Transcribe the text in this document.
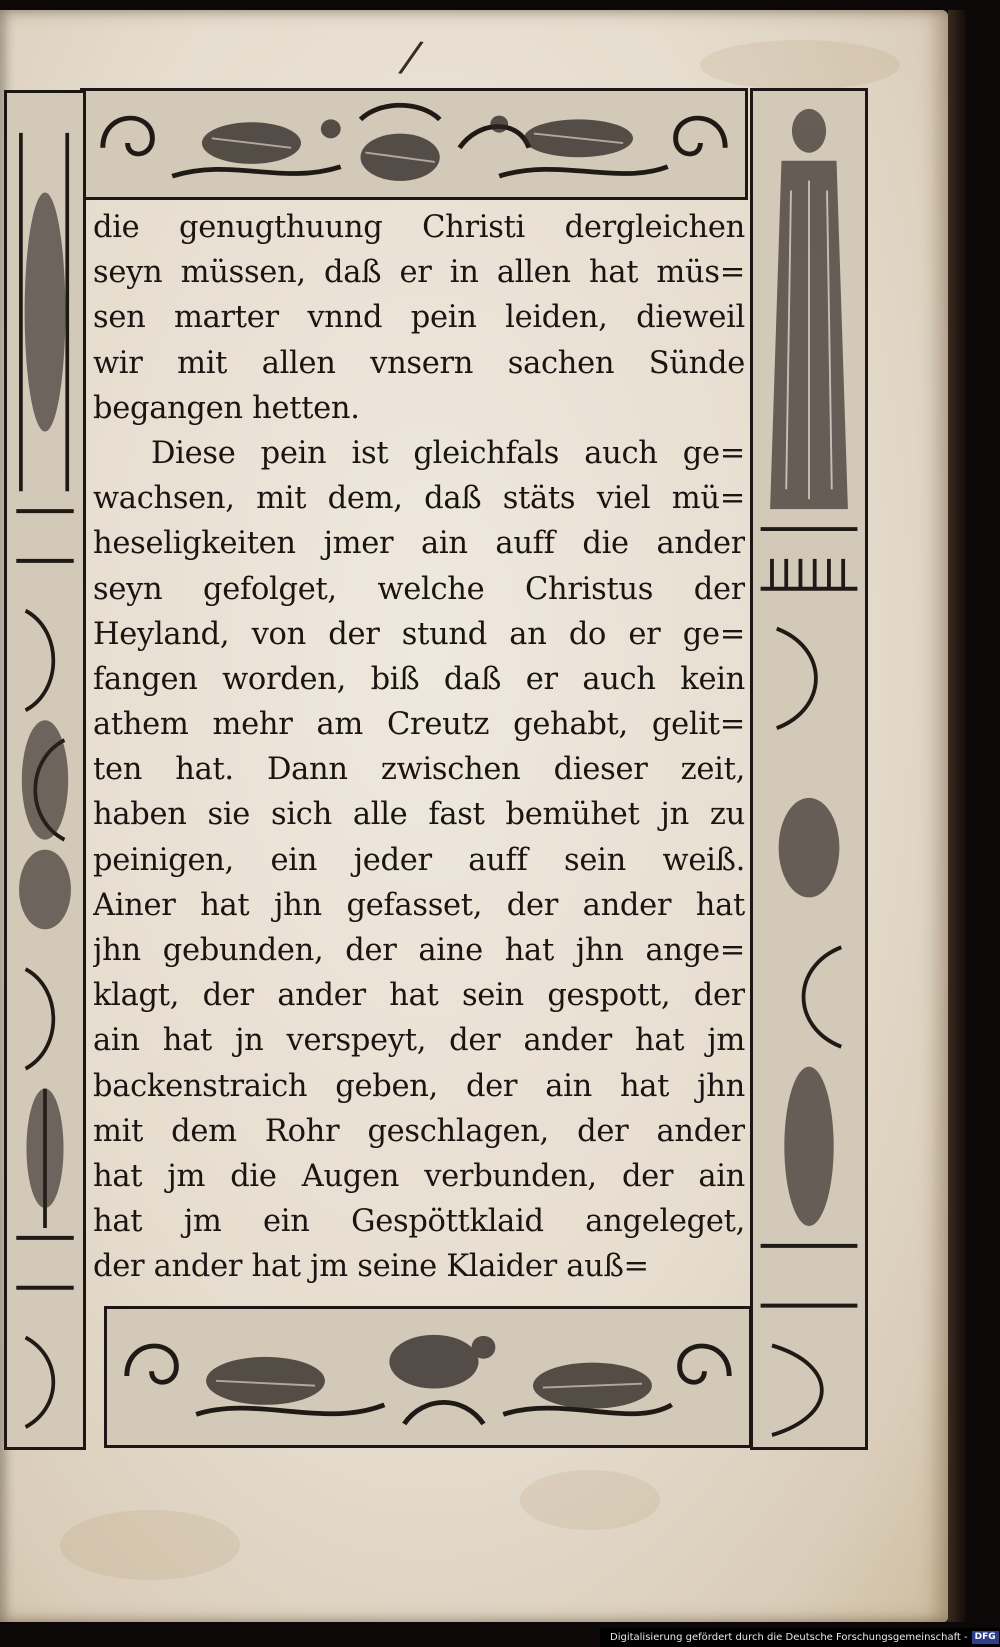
/
die genugthuung Christi dergleichen
seyn müssen, daß er in allen hat müs=
sen marter vnnd pein leiden, dieweil
wir mit allen vnsern sachen Sünde
begangen hetten.
Diese pein ist gleichfals auch ge=
wachsen, mit dem, daß stäts viel mü=
heseligkeiten jmer ain auff die ander
seyn gefolget, welche Christus der
Heyland, von der stund an do er ge=
fangen worden, biß daß er auch kein
athem mehr am Creutz gehabt, gelit=
ten hat. Dann zwischen dieser zeit,
haben sie sich alle fast bemühet jn zu
peinigen, ein jeder auff sein weiß.
Ainer hat jhn gefasset, der ander hat
jhn gebunden, der aine hat jhn ange=
klagt, der ander hat sein gespott, der
ain hat jn verspeyt, der ander hat jm
backenstraich geben, der ain hat jhn
mit dem Rohr geschlagen, der ander
hat jm die Augen verbunden, der ain
hat jm ein Gespöttklaid angeleget,
der ander hat jm seine Klaider auß=
Digitalisierung gefördert durch die Deutsche Forschungsgemeinschaft - DFG
